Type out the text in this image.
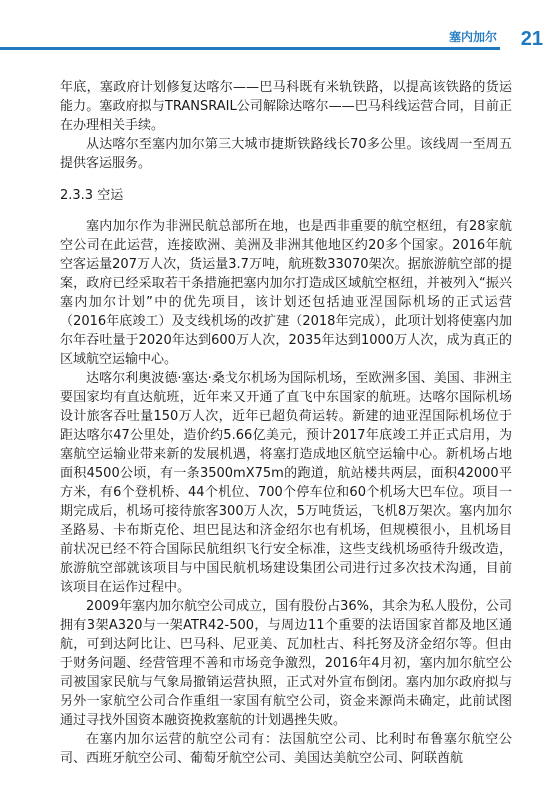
塞内加尔 21

年底，塞政府计划修复达喀尔——巴马科既有米轨铁路，以提高该铁路的货运能力。塞政府拟与TRANSRAIL公司解除达喀尔——巴马科线运营合同，目前正在办理相关手续。

从达喀尔至塞内加尔第三大城市捷斯铁路线长70多公里。该线周一至周五提供客运服务。

2.3.3 空运

塞内加尔作为非洲民航总部所在地，也是西非重要的航空枢纽，有28家航空公司在此运营，连接欧洲、美洲及非洲其他地区约20多个国家。2016年航空客运量207万人次，货运量3.7万吨，航班数33070架次。据旅游航空部的提案，政府已经采取若干条措施把塞内加尔打造成区域航空枢纽，并被列入“振兴塞内加尔计划”中的优先项目，该计划还包括迪亚涅国际机场的正式运营（2016年底竣工）及支线机场的改扩建（2018年完成），此项计划将使塞内加尔年吞吐量于2020年达到600万人次，2035年达到1000万人次，成为真正的区域航空运输中心。

达喀尔利奥波德·塞达·桑戈尔机场为国际机场，至欧洲多国、美国、非洲主要国家均有直达航班，近年来又开通了直飞中东国家的航班。达喀尔国际机场设计旅客吞吐量150万人次，近年已超负荷运转。新建的迪亚涅国际机场位于距达喀尔47公里处，造价约5.66亿美元，预计2017年底竣工并正式启用，为塞航空运输业带来新的发展机遇，将塞打造成地区航空运输中心。新机场占地面积4500公顷，有一条3500mX75m的跑道，航站楼共两层，面积42000平方米，有6个登机桥、44个机位、700个停车位和60个机场大巴车位。项目一期完成后，机场可接待旅客300万人次，5万吨货运，飞机8万架次。塞内加尔圣路易、卡布斯克伦、坦巴昆达和济金绍尔也有机场，但规模很小，且机场目前状况已经不符合国际民航组织飞行安全标准，这些支线机场亟待升级改造，旅游航空部就该项目与中国民航机场建设集团公司进行过多次技术沟通，目前该项目在运作过程中。

2009年塞内加尔航空公司成立，国有股份占36%，其余为私人股份，公司拥有3架A320与一架ATR42-500，与周边11个重要的法语国家首都及地区通航，可到达阿比让、巴马科、尼亚美、瓦加杜古、科托努及济金绍尔等。但由于财务问题、经营管理不善和市场竞争激烈，2016年4月初，塞内加尔航空公司被国家民航与气象局撤销运营执照，正式对外宣布倒闭。塞内加尔政府拟与另外一家航空公司合作重组一家国有航空公司，资金来源尚未确定，此前试图通过寻找外国资本融资挽救塞航的计划遇挫失败。

在塞内加尔运营的航空公司有：法国航空公司、比利时布鲁塞尔航空公司、西班牙航空公司、葡萄牙航空公司、美国达美航空公司、阿联酋航
